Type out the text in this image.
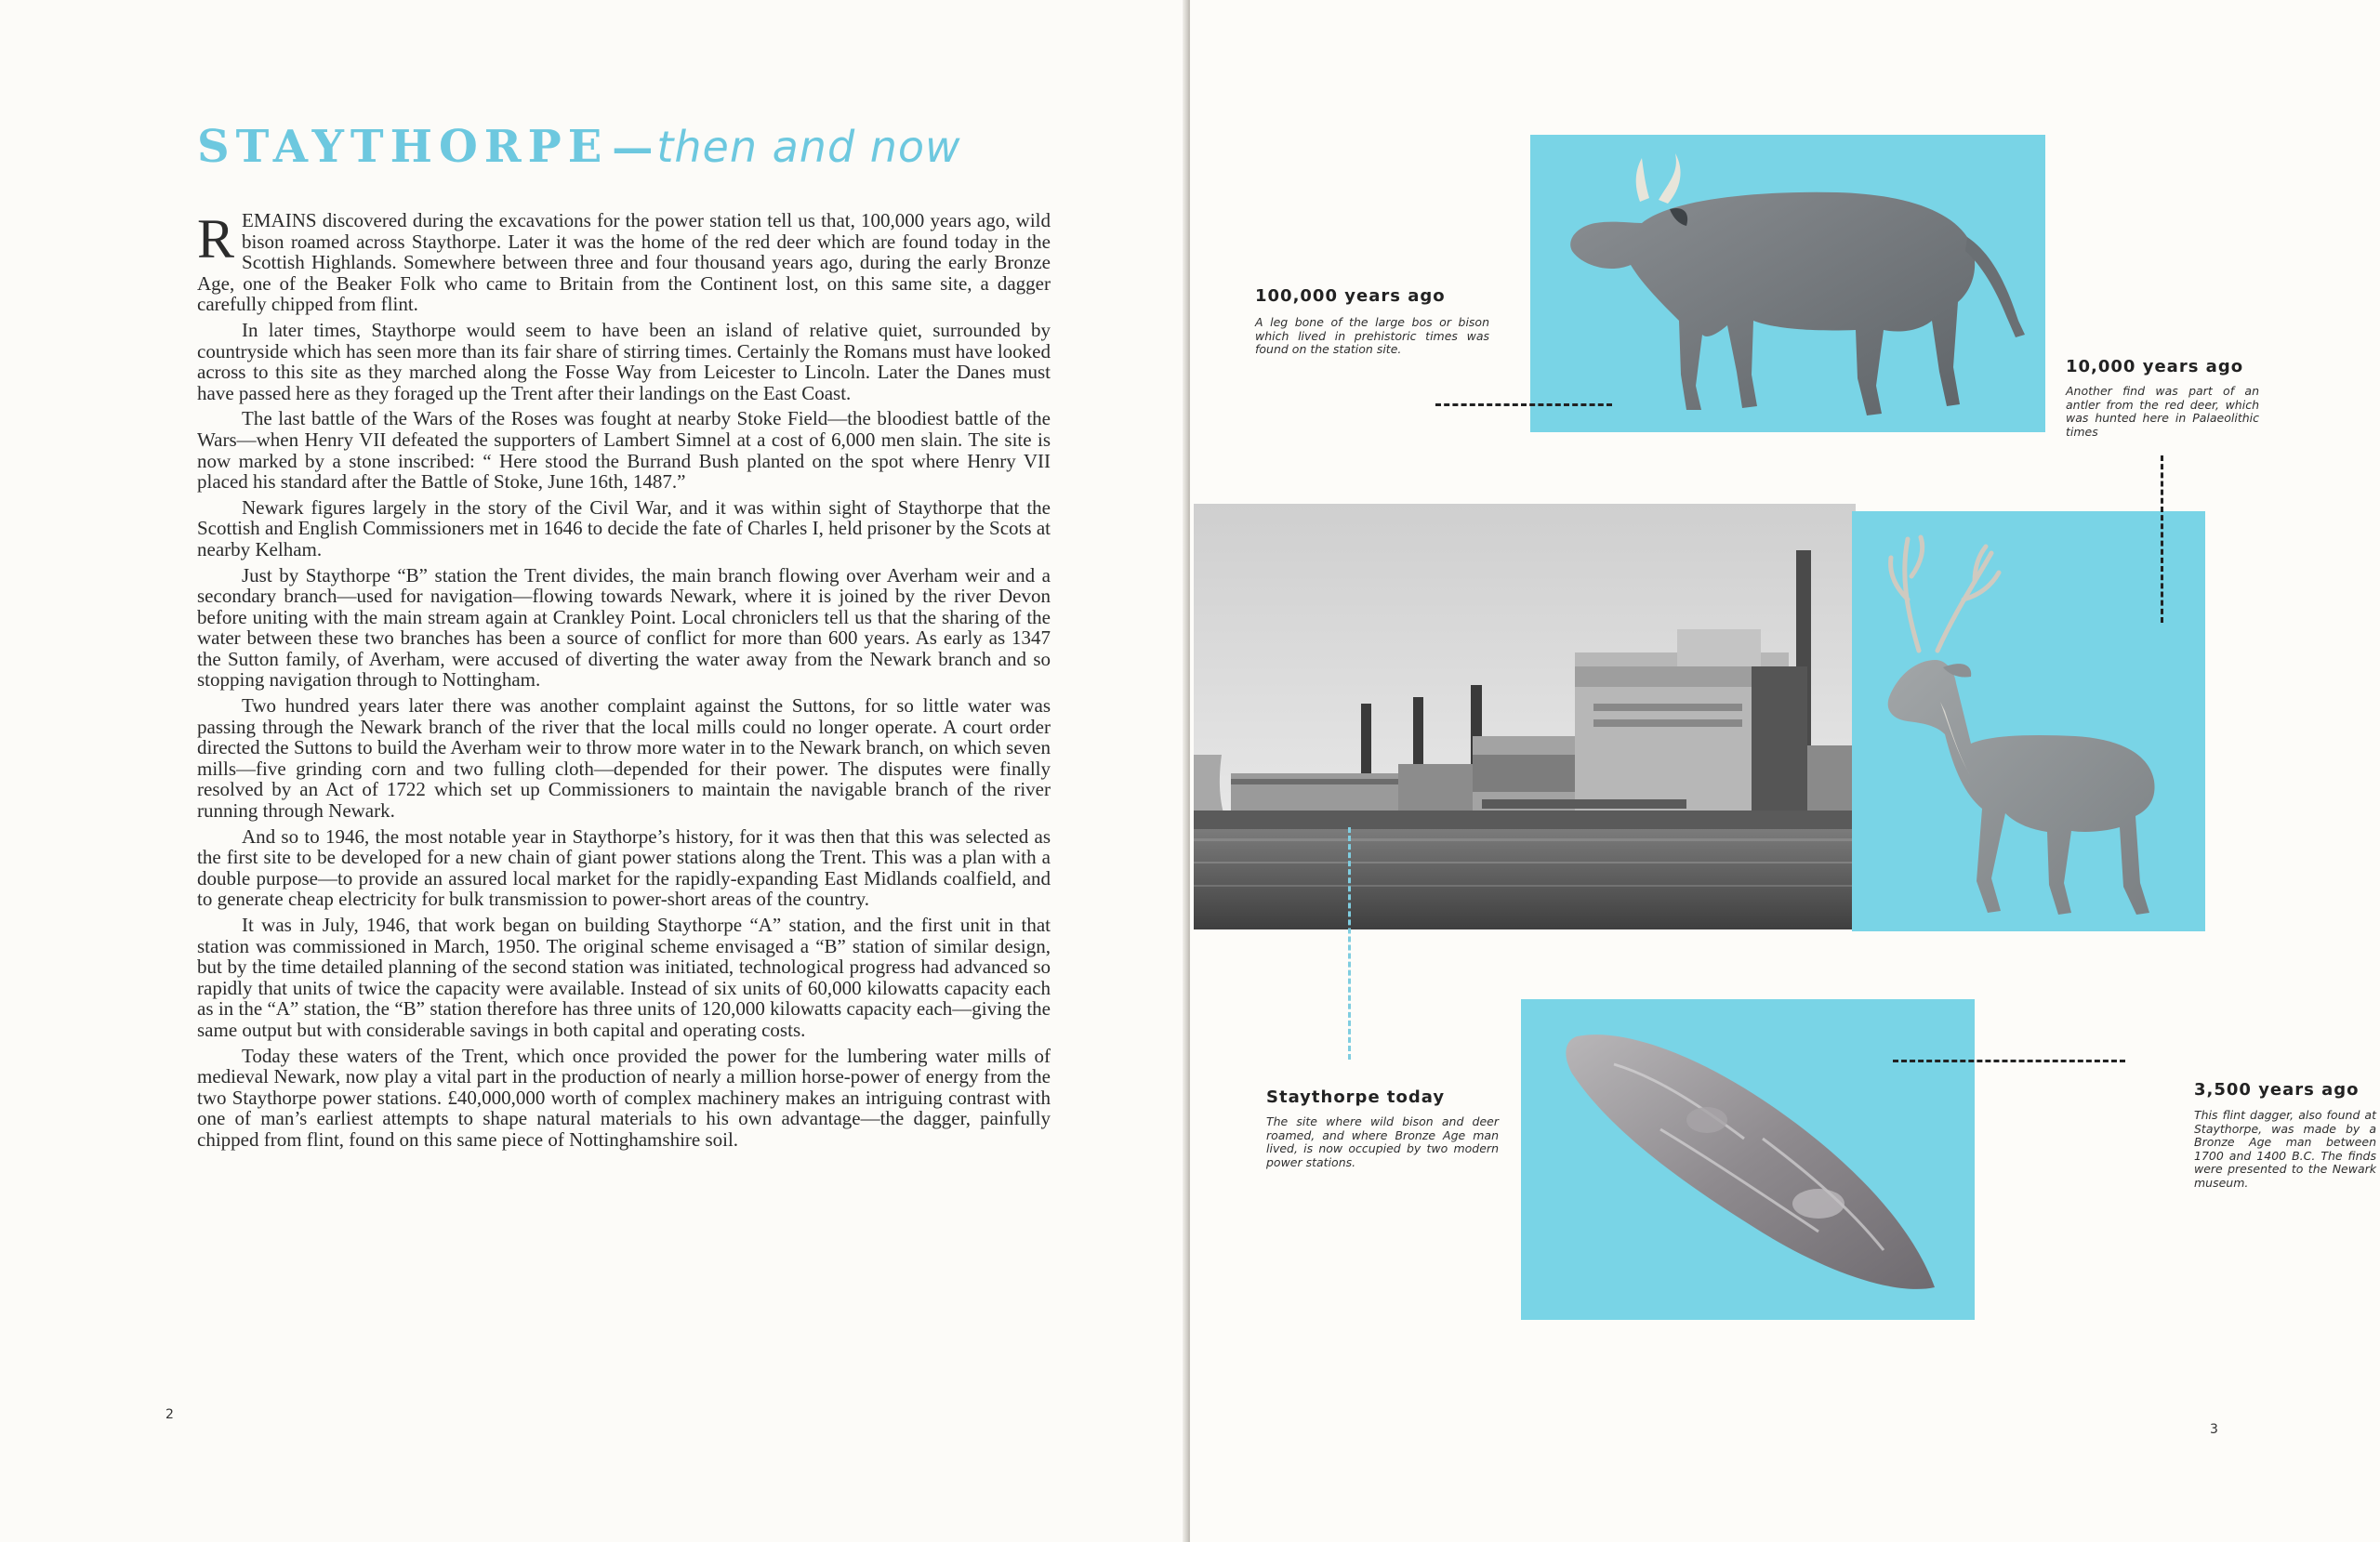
STAYTHORPE — then and now

REMAINS discovered during the excavations for the power station tell us that, 100,000 years ago, wild bison roamed across Staythorpe. Later it was the home of the red deer which are found today in the Scottish Highlands. Somewhere between three and four thousand years ago, during the early Bronze Age, one of the Beaker Folk who came to Britain from the Continent lost, on this same site, a dagger carefully chipped from flint.

In later times, Staythorpe would seem to have been an island of relative quiet, surrounded by countryside which has seen more than its fair share of stirring times. Certainly the Romans must have looked across to this site as they marched along the Fosse Way from Leicester to Lincoln. Later the Danes must have passed here as they foraged up the Trent after their landings on the East Coast.

The last battle of the Wars of the Roses was fought at nearby Stoke Field—the bloodiest battle of the Wars—when Henry VII defeated the supporters of Lambert Simnel at a cost of 6,000 men slain. The site is now marked by a stone inscribed: “ Here stood the Burrand Bush planted on the spot where Henry VII placed his standard after the Battle of Stoke, June 16th, 1487.”

Newark figures largely in the story of the Civil War, and it was within sight of Staythorpe that the Scottish and English Commissioners met in 1646 to decide the fate of Charles I, held prisoner by the Scots at nearby Kelham.

Just by Staythorpe “B” station the Trent divides, the main branch flowing over Averham weir and a secondary branch—used for navigation—flowing towards Newark, where it is joined by the river Devon before uniting with the main stream again at Crankley Point. Local chroniclers tell us that the sharing of the water between these two branches has been a source of conflict for more than 600 years. As early as 1347 the Sutton family, of Averham, were accused of diverting the water away from the Newark branch and so stopping navigation through to Nottingham.

Two hundred years later there was another complaint against the Suttons, for so little water was passing through the Newark branch of the river that the local mills could no longer operate. A court order directed the Suttons to build the Averham weir to throw more water in to the Newark branch, on which seven mills—five grinding corn and two fulling cloth—depended for their power. The disputes were finally resolved by an Act of 1722 which set up Commissioners to maintain the navigable branch of the river running through Newark.

And so to 1946, the most notable year in Staythorpe’s history, for it was then that this was selected as the first site to be developed for a new chain of giant power stations along the Trent. This was a plan with a double purpose—to provide an assured local market for the rapidly-expanding East Midlands coalfield, and to generate cheap electricity for bulk transmission to power-short areas of the country.

It was in July, 1946, that work began on building Staythorpe “A” station, and the first unit in that station was commissioned in March, 1950. The original scheme envisaged a “B” station of similar design, but by the time detailed planning of the second station was initiated, technological progress had advanced so rapidly that units of twice the capacity were available. Instead of six units of 60,000 kilowatts capacity each as in the “A” station, the “B” station therefore has three units of 120,000 kilowatts capacity each—giving the same output but with considerable savings in both capital and operating costs.

Today these waters of the Trent, which once provided the power for the lumbering water mills of medieval Newark, now play a vital part in the production of nearly a million horse-power of energy from the two Staythorpe power stations. £40,000,000 worth of complex machinery makes an intriguing contrast with one of man’s earliest attempts to shape natural materials to his own advantage—the dagger, painfully chipped from flint, found on this same piece of Nottinghamshire soil.

2
100,000 years ago
A leg bone of the large bos or bison which lived in prehistoric times was found on the station site.
10,000 years ago
Another find was part of an antler from the red deer, which was hunted here in Palaeolithic times
3,500 years ago
This flint dagger, also found at Staythorpe, was made by a Bronze Age man between 1700 and 1400 B.C. The finds were presented to the Newark museum.
Staythorpe today
The site where wild bison and deer roamed, and where Bronze Age man lived, is now occupied by two modern power stations.
3
